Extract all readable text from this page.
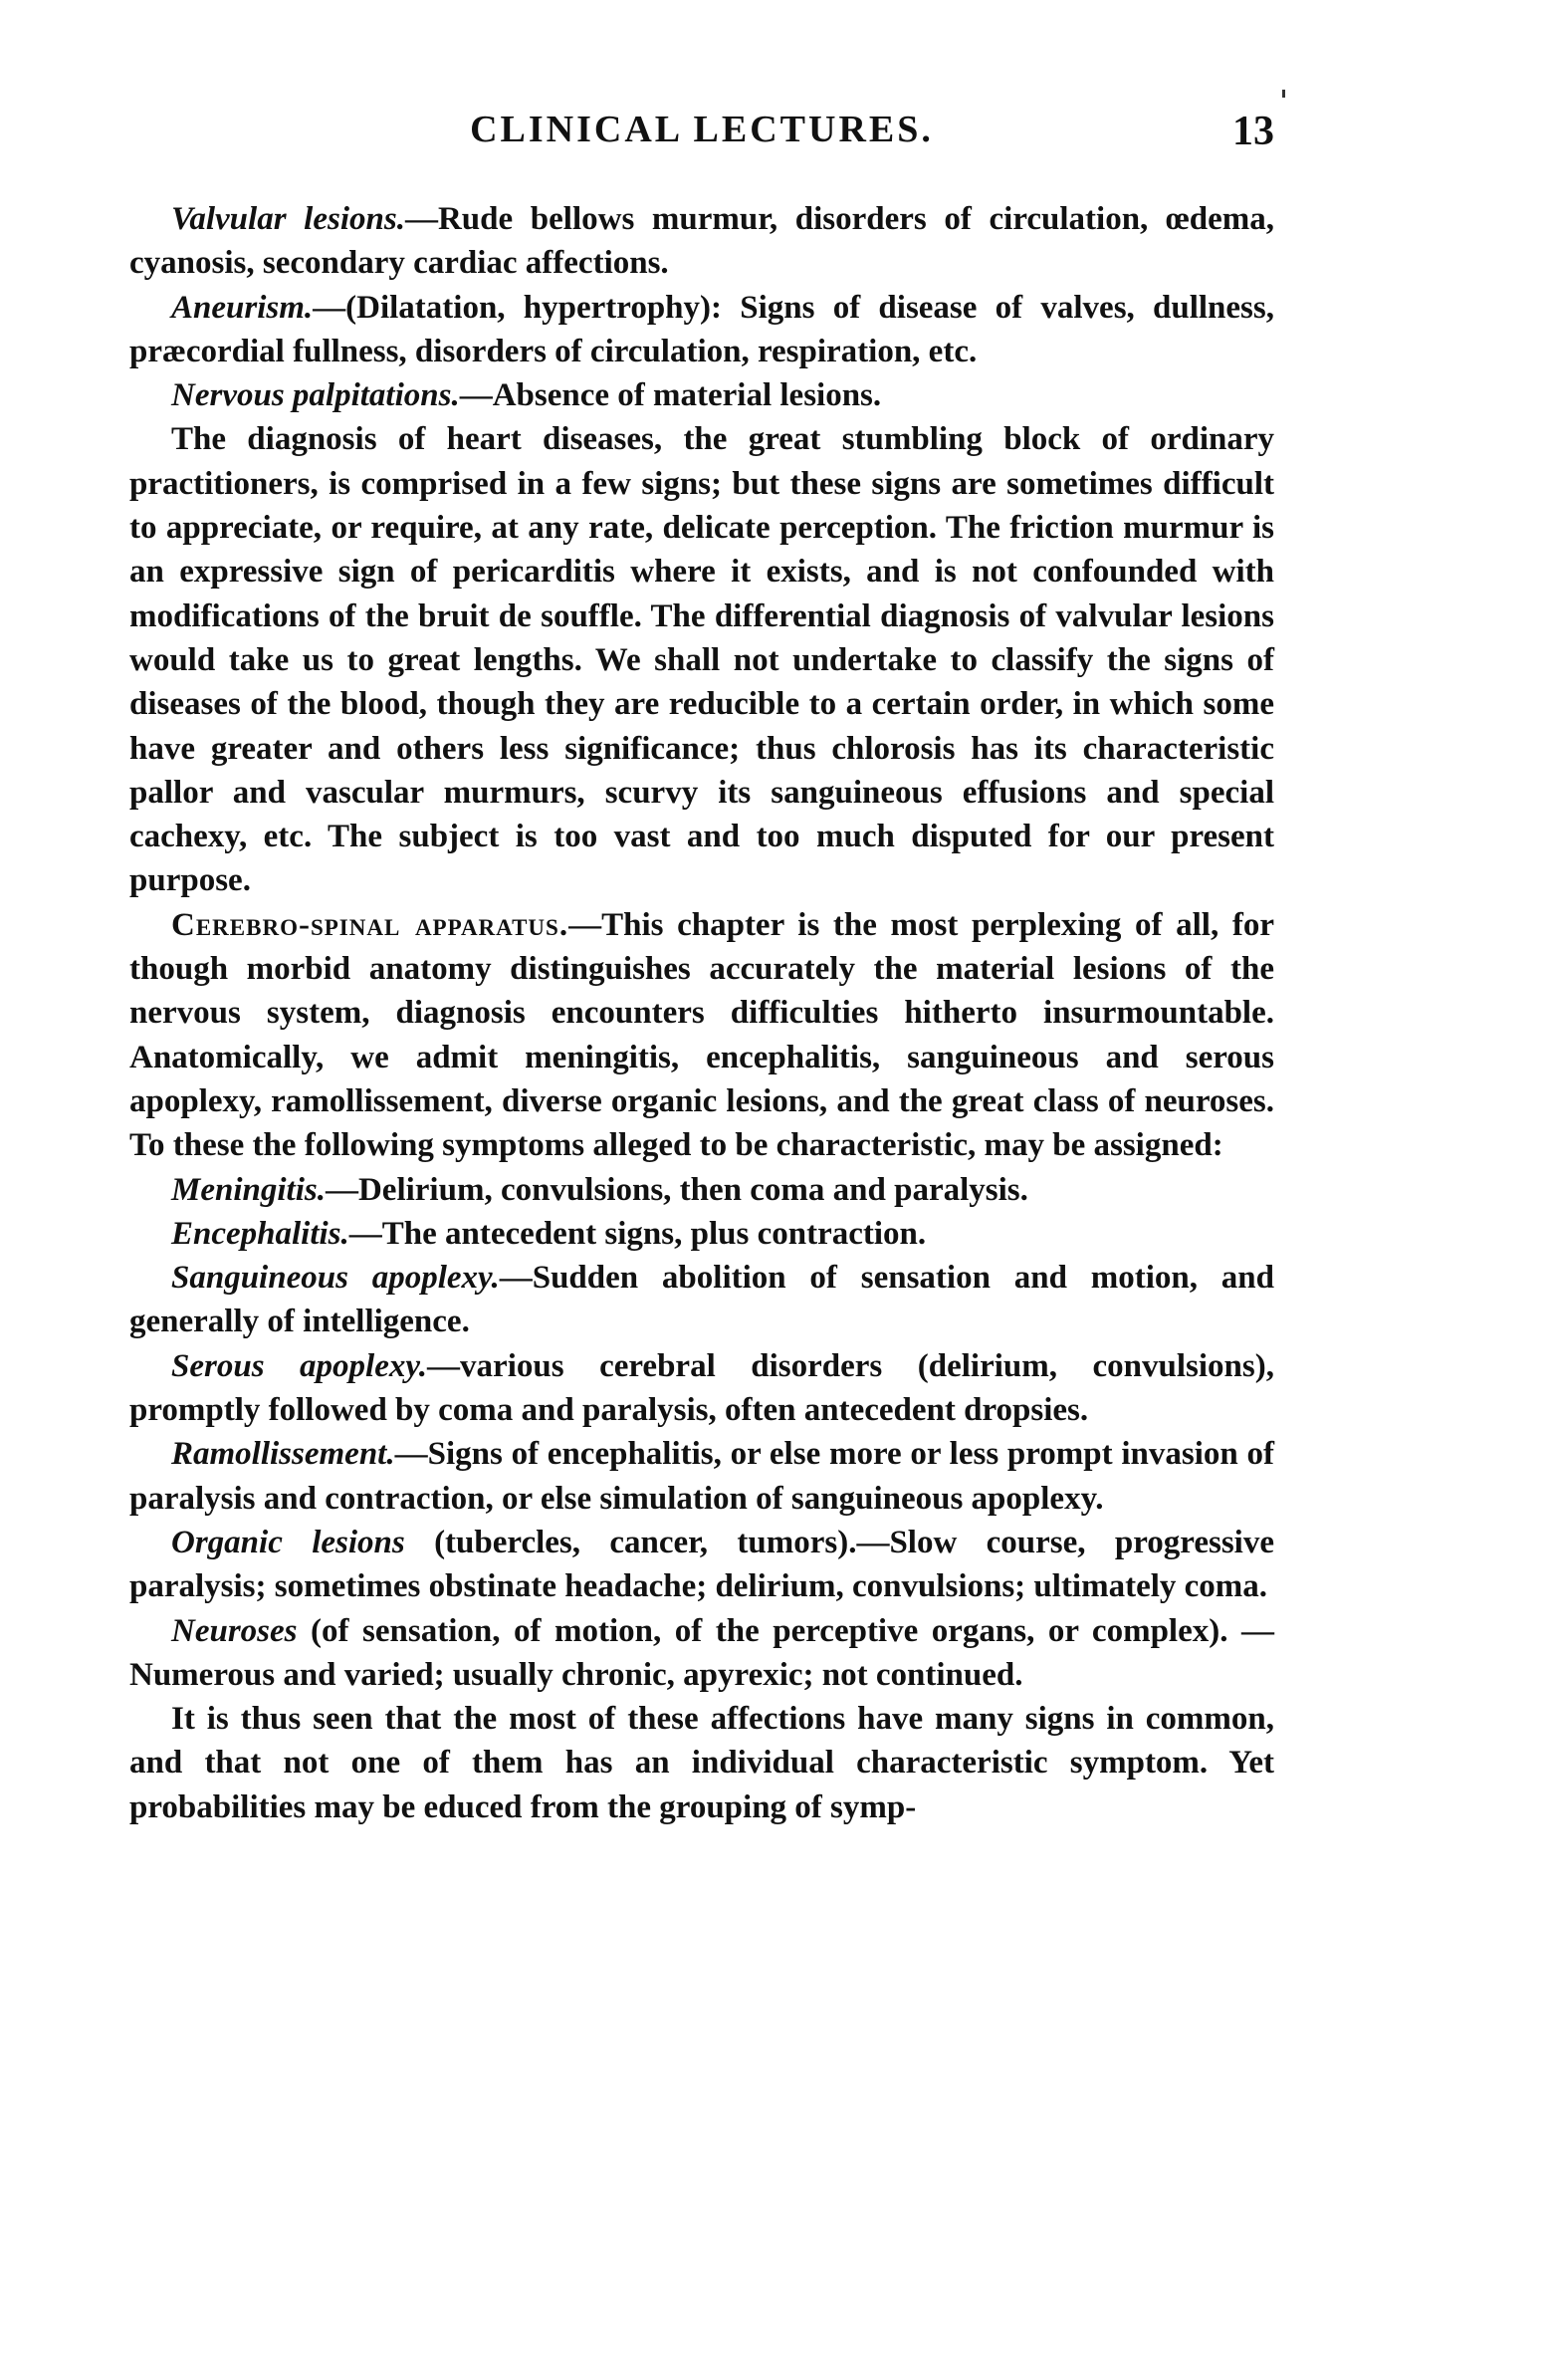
CLINICAL LECTURES.	13

Valvular lesions.—Rude bellows murmur, disorders of circulation, œdema, cyanosis, secondary cardiac affections.

Aneurism.—(Dilatation, hypertrophy): Signs of disease of valves, dullness, præcordial fullness, disorders of circulation, respiration, etc.

Nervous palpitations.—Absence of material lesions.

The diagnosis of heart diseases, the great stumbling block of ordinary practitioners, is comprised in a few signs; but these signs are sometimes difficult to appreciate, or require, at any rate, delicate perception. The friction murmur is an expressive sign of pericarditis where it exists, and is not confounded with modifications of the bruit de souffle. The differential diagnosis of valvular lesions would take us to great lengths. We shall not undertake to classify the signs of diseases of the blood, though they are reducible to a certain order, in which some have greater and others less significance; thus chlorosis has its characteristic pallor and vascular murmurs, scurvy its sanguineous effusions and special cachexy, etc. The subject is too vast and too much disputed for our present purpose.

Cerebro-spinal apparatus.—This chapter is the most perplexing of all, for though morbid anatomy distinguishes accurately the material lesions of the nervous system, diagnosis encounters difficulties hitherto insurmountable. Anatomically, we admit meningitis, encephalitis, sanguineous and serous apoplexy, ramollissement, diverse organic lesions, and the great class of neuroses. To these the following symptoms alleged to be characteristic, may be assigned:

Meningitis.—Delirium, convulsions, then coma and paralysis.

Encephalitis.—The antecedent signs, plus contraction.

Sanguineous apoplexy.—Sudden abolition of sensation and motion, and generally of intelligence.

Serous apoplexy.—various cerebral disorders (delirium, convulsions), promptly followed by coma and paralysis, often antecedent dropsies.

Ramollissement.—Signs of encephalitis, or else more or less prompt invasion of paralysis and contraction, or else simulation of sanguineous apoplexy.

Organic lesions (tubercles, cancer, tumors).—Slow course, progressive paralysis; sometimes obstinate headache; delirium, convulsions; ultimately coma.

Neuroses (of sensation, of motion, of the perceptive organs, or complex). —Numerous and varied; usually chronic, apyrexic; not continued.

It is thus seen that the most of these affections have many signs in common, and that not one of them has an individual characteristic symptom. Yet probabilities may be educed from the grouping of symp-
